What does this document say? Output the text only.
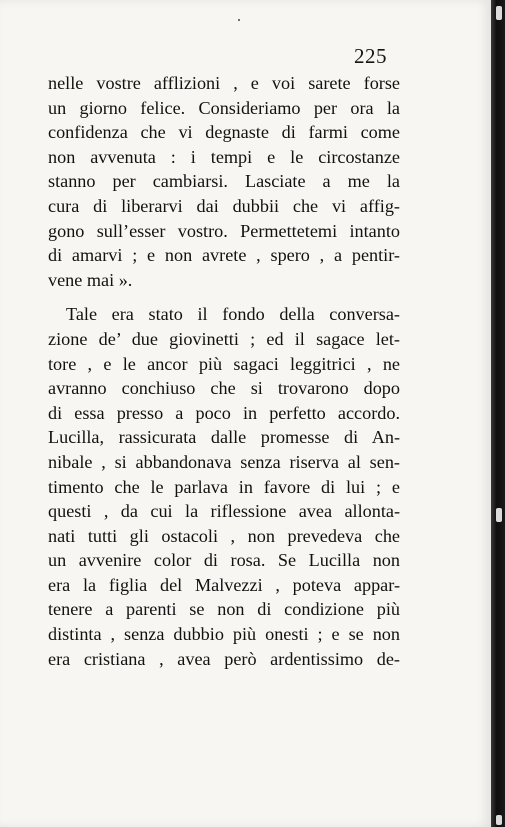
225
nelle vostre afflizioni , e voi sarete forse
un giorno felice. Consideriamo per ora la
confidenza che vi degnaste di farmi come
non avvenuta : i tempi e le circostanze
stanno per cambiarsi. Lasciate a me la
cura di liberarvi dai dubbii che vi affig-
gono sull’esser vostro. Permettetemi intanto
di amarvi ; e non avrete , spero , a pentir-
vene mai ».
Tale era stato il fondo della conversa-
zione de’ due giovinetti ; ed il sagace let-
tore , e le ancor più sagaci leggitrici , ne
avranno conchiuso che si trovarono dopo
di essa presso a poco in perfetto accordo.
Lucilla, rassicurata dalle promesse di An-
nibale , si abbandonava senza riserva al sen-
timento che le parlava in favore di lui ; e
questi , da cui la riflessione avea allonta-
nati tutti gli ostacoli , non prevedeva che
un avvenire color di rosa. Se Lucilla non
era la figlia del Malvezzi , poteva appar-
tenere a parenti se non di condizione più
distinta , senza dubbio più onesti ; e se non
era cristiana , avea però ardentissimo de-
